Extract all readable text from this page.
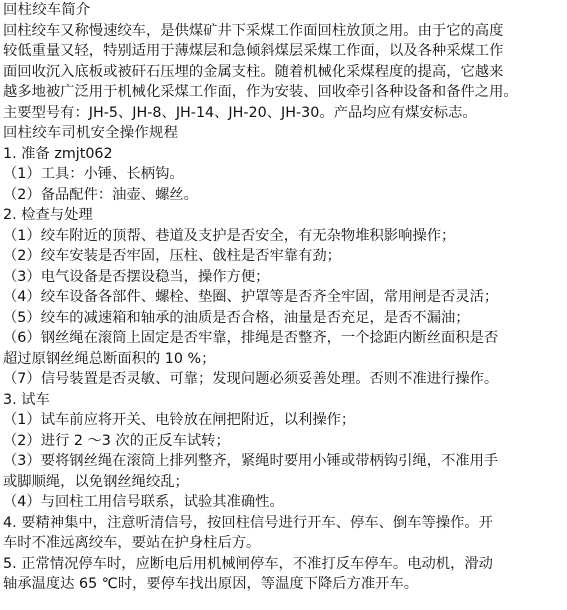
回柱绞车简介
回柱绞车又称慢速绞车，是供煤矿井下采煤工作面回柱放顶之用。由于它的高度
较低重量又轻，特别适用于薄煤层和急倾斜煤层采煤工作面，以及各种采煤工作
面回收沉入底板或被矸石压埋的金属支柱。随着机械化采煤程度的提高，它越来
越多地被广泛用于机械化采煤工作面，作为安装、回收牵引各种设备和备件之用。
主要型号有：JH-5、JH-8、JH-14、JH-20、JH-30。产品均应有煤安标志。
回柱绞车司机安全操作规程
1. 准备 zmjt062
（1）工具：小锤、长柄钩。
（2）备品配件：油壶、螺丝。
2. 检查与处理
（1）绞车附近的顶帮、巷道及支护是否安全，有无杂物堆积影响操作；
（2）绞车安装是否牢固，压柱、戗柱是否牢靠有劲；
（3）电气设备是否摆设稳当，操作方便；
（4）绞车设备各部件、螺栓、垫圈、护罩等是否齐全牢固，常用闸是否灵活；
（5）绞车的减速箱和轴承的油质是否合格，油量是否充足，是否不漏油；
（6）钢丝绳在滚筒上固定是否牢靠，排绳是否整齐，一个捻距内断丝面积是否
超过原钢丝绳总断面积的 10 %；
（7）信号装置是否灵敏、可靠；发现问题必须妥善处理。否则不准进行操作。
3. 试车
（1）试车前应将开关、电铃放在闸把附近，以利操作；
（2）进行 2 ～3 次的正反车试转；
（3）要将钢丝绳在滚筒上排列整齐，紧绳时要用小锤或带柄钩引绳，不准用手
或脚顺绳，以免钢丝绳绞乱；
（4）与回柱工用信号联系，试验其准确性。
4. 要精神集中，注意听清信号，按回柱信号进行开车、停车、倒车等操作。开
车时不准远离绞车，要站在护身柱后方。
5. 正常情况停车时，应断电后用机械闸停车，不准打反车停车。电动机，滑动
轴承温度达 65 ℃时，要停车找出原因，等温度下降后方准开车。
